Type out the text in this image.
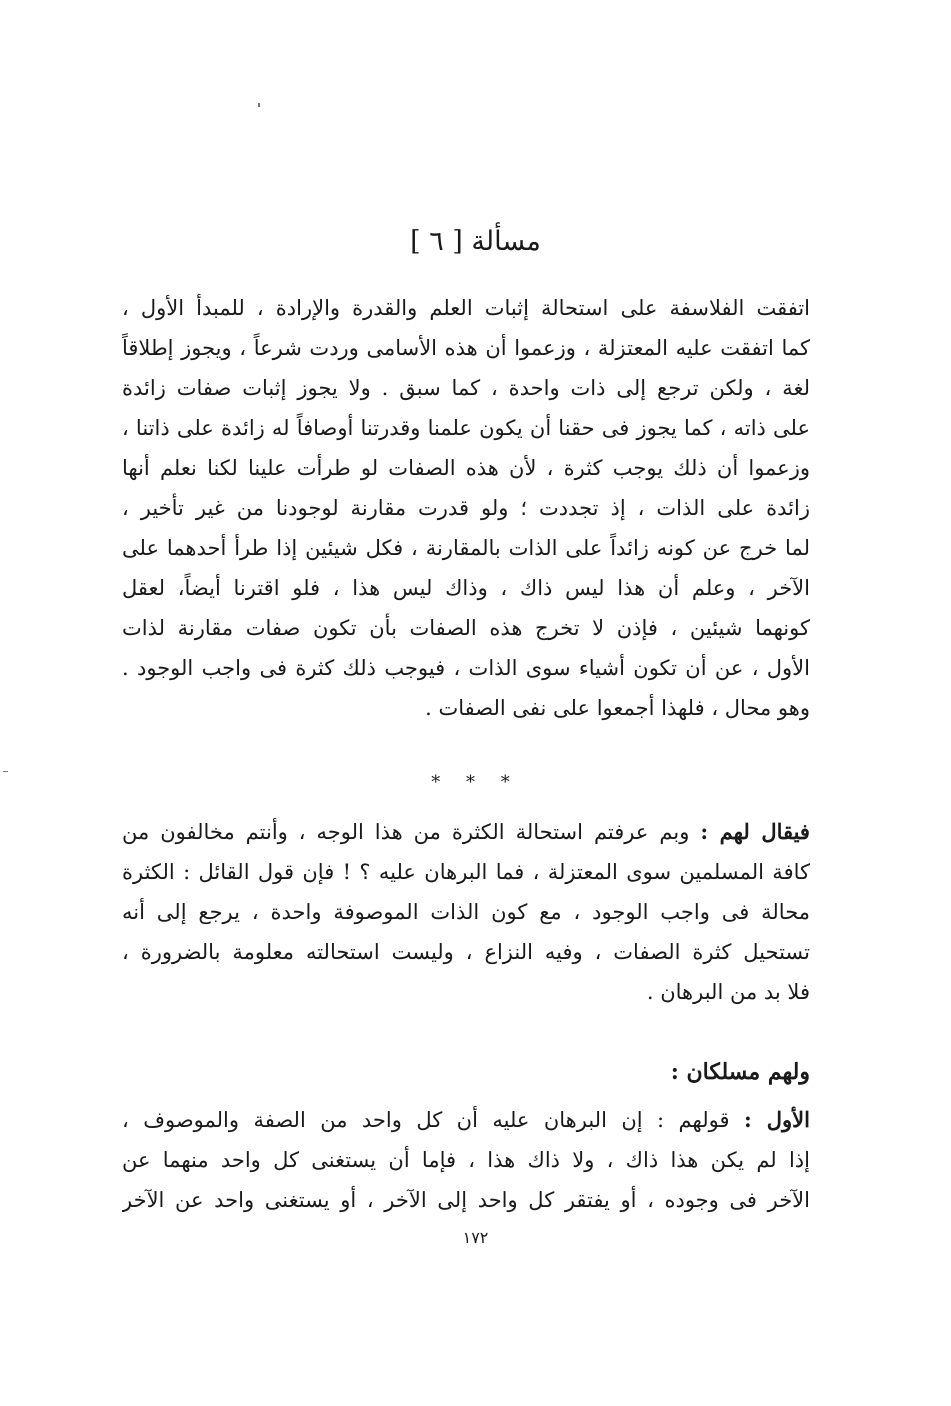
مسألة [ ٦ ]
اتفقت الفلاسفة على استحالة إثبات العلم والقدرة والإرادة ، للمبدأ الأول ،
كما اتفقت عليه المعتزلة ، وزعموا أن هذه الأسامى وردت شرعاً ، ويجوز إطلاقاً
لغة ، ولكن ترجع إلى ذات واحدة ، كما سبق . ولا يجوز إثبات صفات زائدة
على ذاته ، كما يجوز فى حقنا أن يكون علمنا وقدرتنا أوصافاً له زائدة على ذاتنا ،
وزعموا أن ذلك يوجب كثرة ، لأن هذه الصفات لو طرأت علينا لكنا نعلم أنها
زائدة على الذات ، إذ تجددت ؛ ولو قدرت مقارنة لوجودنا من غير تأخير ،
لما خرج عن كونه زائداً على الذات بالمقارنة ، فكل شيئين إذا طرأ أحدهما على
الآخر ، وعلم أن هذا ليس ذاك ، وذاك ليس هذا ، فلو اقترنا أيضاً، لعقل
كونهما شيئين ، فإذن لا تخرج هذه الصفات بأن تكون صفات مقارنة لذات
الأول ، عن أن تكون أشياء سوى الذات ، فيوجب ذلك كثرة فى واجب الوجود .
وهو محال ، فلهذا أجمعوا على نفى الصفات .
* * *
فيقال لهم : وبم عرفتم استحالة الكثرة من هذا الوجه ، وأنتم مخالفون من
كافة المسلمين سوى المعتزلة ، فما البرهان عليه ؟ ! فإن قول القائل : الكثرة
محالة فى واجب الوجود ، مع كون الذات الموصوفة واحدة ، يرجع إلى أنه
تستحيل كثرة الصفات ، وفيه النزاع ، وليست استحالته معلومة بالضرورة ،
فلا بد من البرهان .
ولهم مسلكان :
الأول : قولهم : إن البرهان عليه أن كل واحد من الصفة والموصوف ،
إذا لم يكن هذا ذاك ، ولا ذاك هذا ، فإما أن يستغنى كل واحد منهما عن
الآخر فى وجوده ، أو يفتقر كل واحد إلى الآخر ، أو يستغنى واحد عن الآخر
١٧٢
